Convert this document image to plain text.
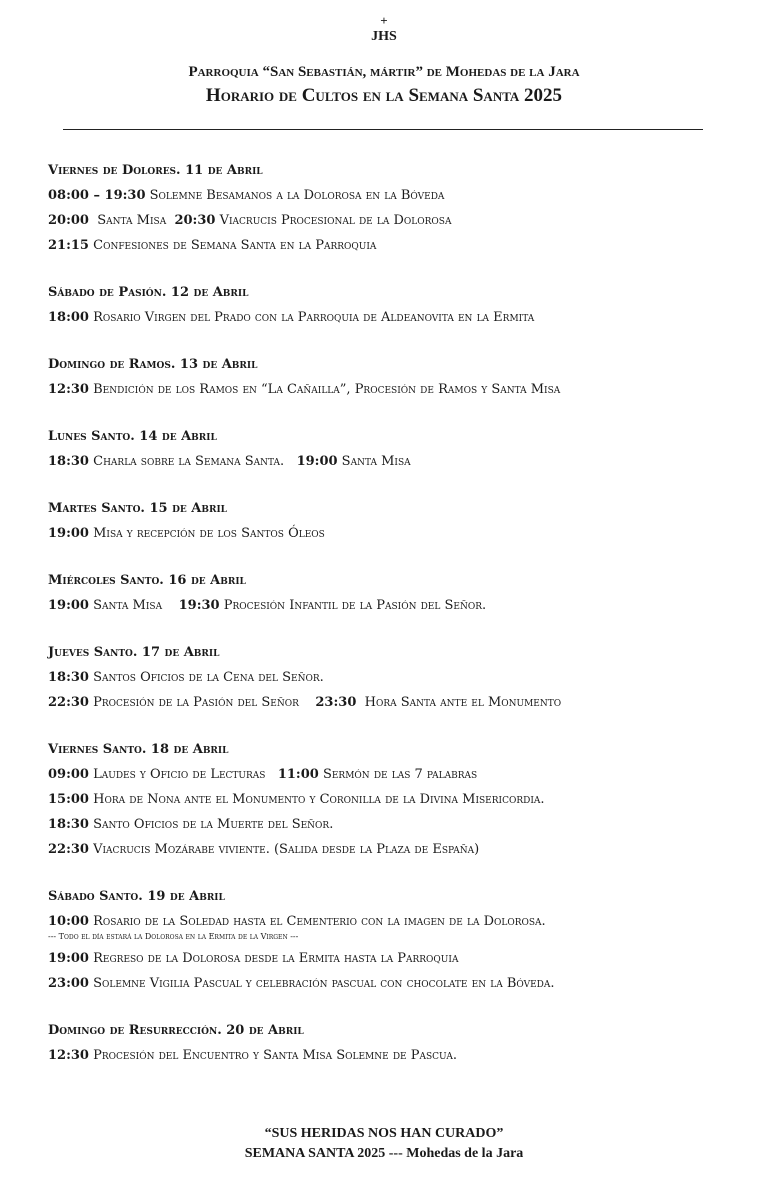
+
JHS
Parroquia “San Sebastián, mártir” de Mohedas de la Jara
Horario de Cultos en la Semana Santa 2025
Viernes de Dolores. 11 de Abril
08:00 – 19:30 Solemne Besamanos a la Dolorosa en la Bóveda
20:00  Santa Misa  20:30 Viacrucis Procesional de la Dolorosa
21:15 Confesiones de Semana Santa en la Parroquia
Sábado de Pasión. 12 de Abril
18:00 Rosario Virgen del Prado con la Parroquia de Aldeanovita en la Ermita
Domingo de Ramos. 13 de Abril
12:30 Bendición de los Ramos en “La Cañailla”, Procesión de Ramos y Santa Misa
Lunes Santo. 14 de Abril
18:30 Charla sobre la Semana Santa.   19:00 Santa Misa
Martes Santo. 15 de Abril
19:00 Misa y recepción de los Santos Óleos
Miércoles Santo. 16 de Abril
19:00 Santa Misa    19:30 Procesión Infantil de la Pasión del Señor.
Jueves Santo. 17 de Abril
18:30 Santos Oficios de la Cena del Señor.
22:30 Procesión de la Pasión del Señor    23:30  Hora Santa ante el Monumento
Viernes Santo. 18 de Abril
09:00 Laudes y Oficio de Lecturas   11:00 Sermón de las 7 palabras
15:00 Hora de Nona ante el Monumento y Coronilla de la Divina Misericordia.
18:30 Santo Oficios de la Muerte del Señor.
22:30 Viacrucis Mozárabe viviente. (Salida desde la Plaza de España)
Sábado Santo. 19 de Abril
10:00 Rosario de la Soledad hasta el Cementerio con la imagen de la Dolorosa.
--- Todo el día estará la Dolorosa en la Ermita de la Virgen ---
19:00 Regreso de la Dolorosa desde la Ermita hasta la Parroquia
23:00 Solemne Vigilia Pascual y celebración pascual con chocolate en la Bóveda.
Domingo de Resurrección. 20 de Abril
12:30 Procesión del Encuentro y Santa Misa Solemne de Pascua.
“SUS HERIDAS NOS HAN CURADO”
SEMANA SANTA 2025 --- Mohedas de la Jara
